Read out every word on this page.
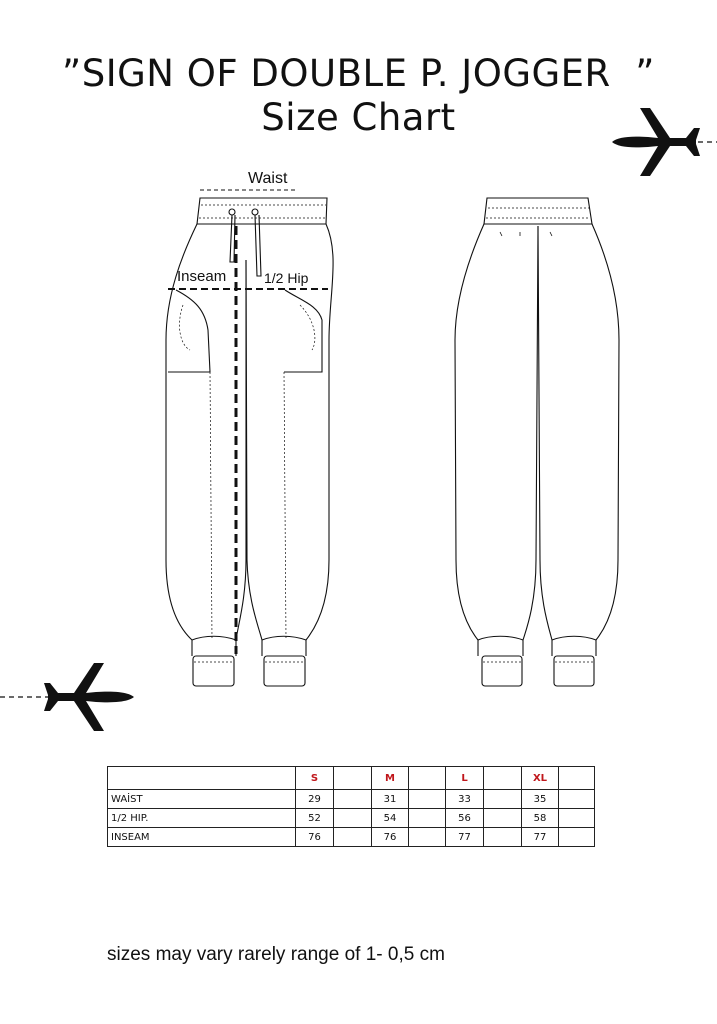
”SIGN OF DOUBLE P. JOGGER  ”
Size Chart
Waist
Inseam	1/2 Hip
	S		M		L		XL	
WAİST	29		31		33		35	
1/2 HIP.	52		54		56		58	
INSEAM	76		76		77		77	
sizes may vary rarely range of 1- 0,5 cm
